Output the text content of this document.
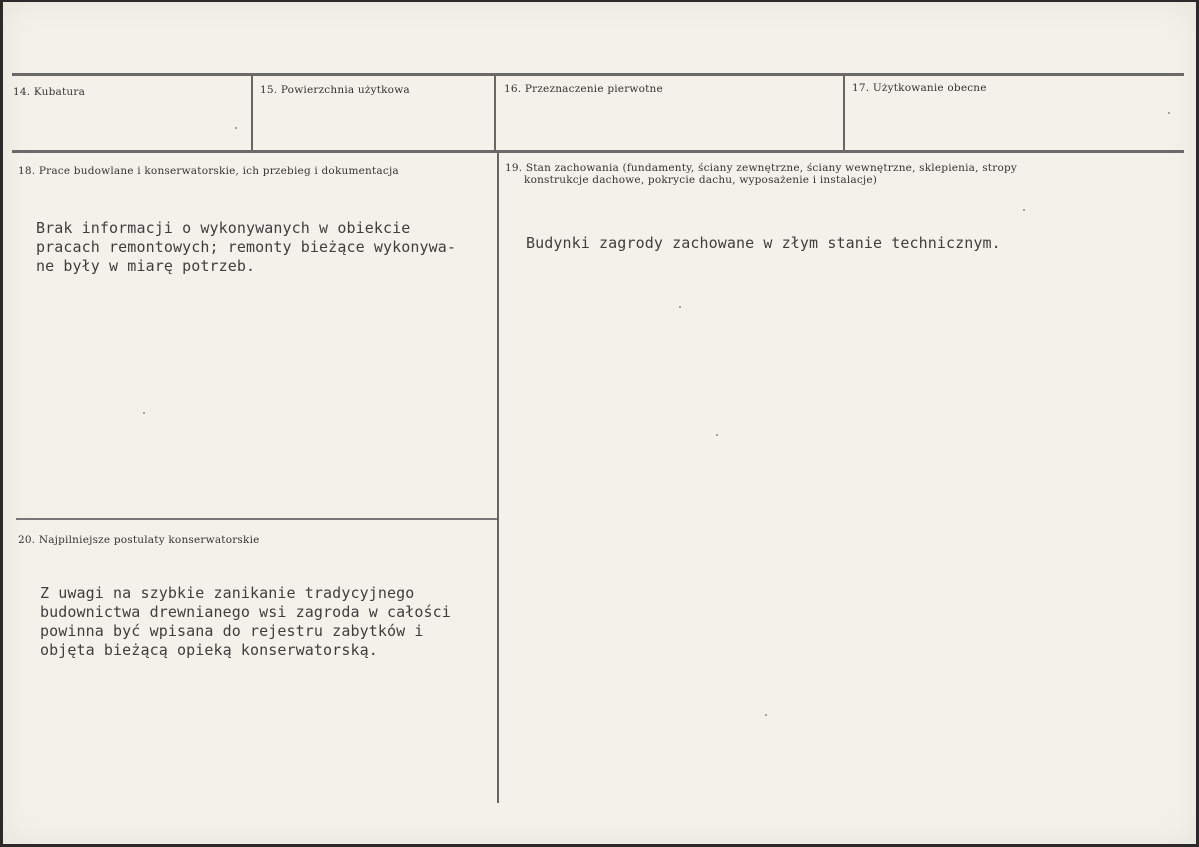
14. Kubatura	15. Powierzchnia użytkowa	16. Przeznaczenie pierwotne	17. Użytkowanie obecne
18. Prace budowlane i konserwatorskie, ich przebieg i dokumentacja	19. Stan zachowania (fundamenty, ściany zewnętrzne, ściany wewnętrzne, sklepienia, stropy
konstrukcje dachowe, pokrycie dachu, wyposażenie i instalacje)
20. Najpilniejsze postulaty konserwatorskie
Brak informacji o wykonywanych w obiekcie
pracach remontowych; remonty bieżące wykonywa-
ne były w miarę potrzeb.
Budynki zagrody zachowane w złym stanie technicznym.
Z uwagi na szybkie zanikanie tradycyjnego
budownictwa drewnianego wsi zagroda w całości
powinna być wpisana do rejestru zabytków i
objęta bieżącą opieką konserwatorską.
